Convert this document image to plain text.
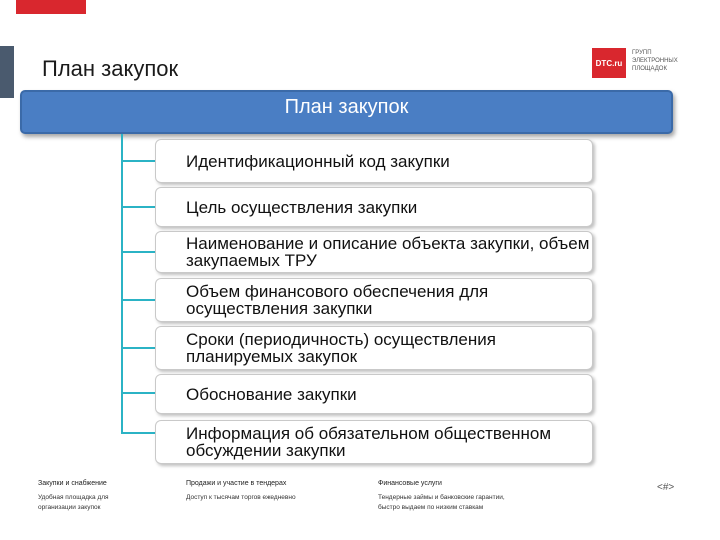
План закупок	DTC.ru
ГРУПП
ЭЛЕКТРОННЫХ
ПЛОЩАДОК
План закупок
Идентификационный код закупки
Цель осуществления закупки
Наименование и описание объекта закупки, объем закупаемых ТРУ
Объем финансового обеспечения для осуществления закупки
Сроки (периодичность) осуществления планируемых закупок
Обоснование закупки
Информация об обязательном общественном обсуждении закупки
Закупки и снабжение
Удобная площадка для
организации закупок
Продажи и участие в тендерах
Доступ к тысячам торгов ежедневно
Финансовые услуги
Тендерные займы и банковские гарантии,
быстро выдаем по низким ставкам
<#>
